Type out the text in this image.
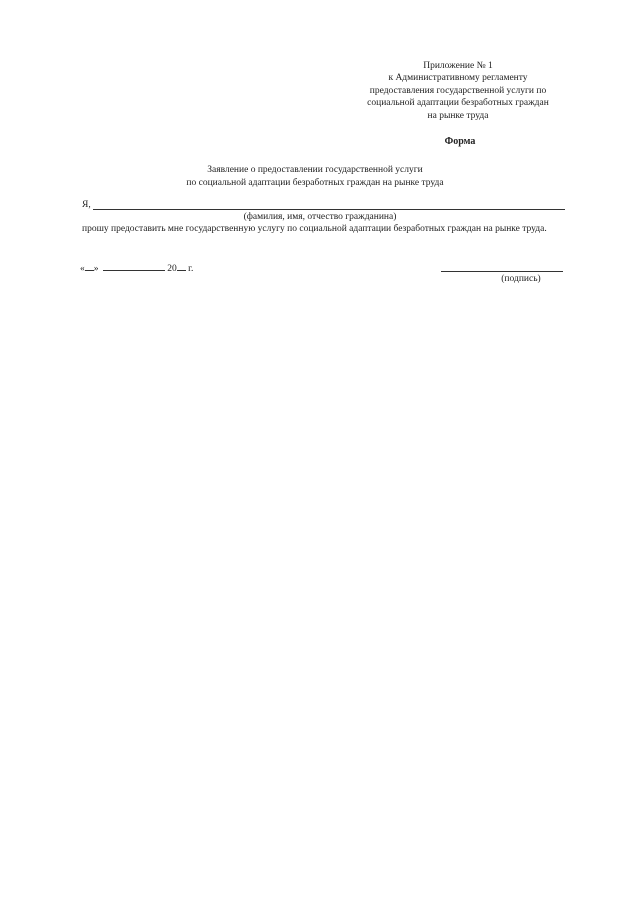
Приложение № 1
к Административному регламенту
предоставления государственной услуги по
социальной адаптации безработных граждан
на рынке труда
Форма
Заявление о предоставлении государственной услуги
по социальной адаптации безработных граждан на рынке труда
Я,
(фамилия, имя, отчество гражданина)
прошу предоставить мне государственную услугу по социальной адаптации безработных граждан на рынке труда.
« »	20 г.
(подпись)
